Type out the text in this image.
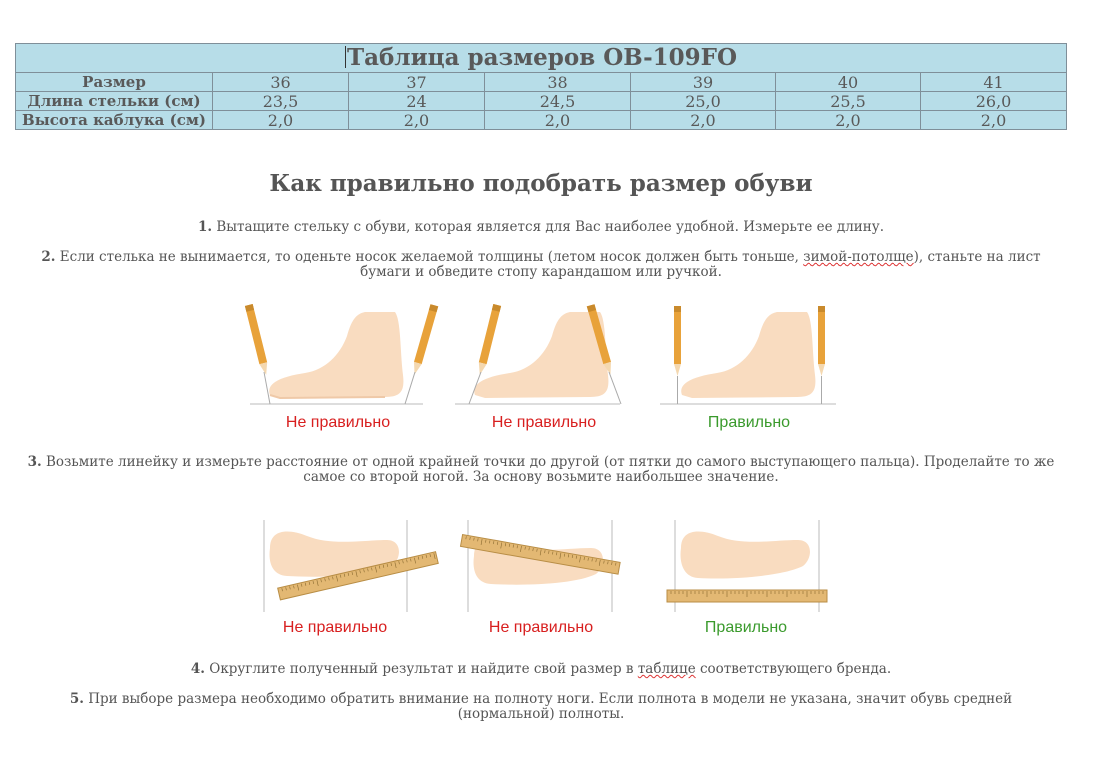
Таблица размеров OB-109FO						
Размер	36	37	38	39	40	41
Длина стельки (см)	23,5	24	24,5	25,0	25,5	26,0
Высота каблука (см)	2,0	2,0	2,0	2,0	2,0	2,0
Как правильно подобрать размер обуви
1. Вытащите стельку с обуви, которая является для Вас наиболее удобной. Измерьте ее длину.
2. Если стелька не вынимается, то оденьте носок желаемой толщины (летом носок должен быть тоньше, зимой-потолще), станьте на лист бумаги и обведите стопу карандашом или ручкой.
Не правильно	Не правильно	Правильно
3. Возьмите линейку и измерьте расстояние от одной крайней точки до другой (от пятки до самого выступающего пальца). Проделайте то же самое со второй ногой. За основу возьмите наибольшее значение.
Не правильно	Не правильно	Правильно
4. Округлите полученный результат и найдите свой размер в таблице соответствующего бренда.
5. При выборе размера необходимо обратить внимание на полноту ноги. Если полнота в модели не указана, значит обувь средней (нормальной) полноты.
